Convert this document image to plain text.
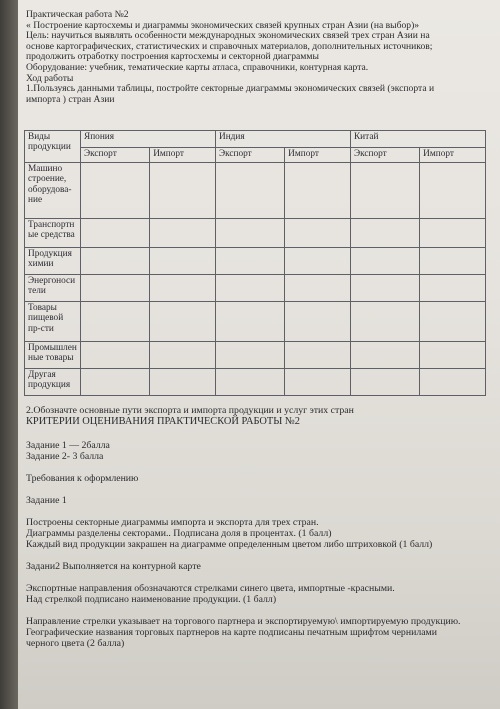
Практическая работа №2
« Построение картосхемы и диаграммы экономических связей крупных стран Азии (на выбор)»
Цель: научиться выявлять особенности международных экономических связей трех стран Азии на
основе картографических, статистических и справочных материалов, дополнительных источников;
продолжить отработку построения картосхемы и секторной диаграммы
Оборудование: учебник, тематические карты атласа, справочники, контурная карта.
Ход работы
1.Пользуясь данными таблицы, постройте секторные диаграммы экономических связей (экспорта и
импорта ) стран Азии
Виды
продукции	Япония		Индия		Китай	
	Экспорт	Импорт	Экспорт	Импорт	Экспорт	Импорт

Машино
строение,
оборудова-
ние						

Транспортн
ые средства						

Продукция
химии						

Энергоноси
тели						

Товары
пищевой
пр-сти						

Промышлен
ные товары						

Другая
продукция						

2.Обозначте основные пути экспорта и импорта продукции и услуг этих стран
КРИТЕРИИ ОЦЕНИВАНИЯ ПРАКТИЧЕСКОЙ РАБОТЫ №2
Задание 1 — 2балла
Задание 2- 3 балла
Требования к оформлению
Задание 1
Построены секторные диаграммы импорта и экспорта для трех стран.
Диаграммы разделены секторами.. Подписана доля в процентах. (1 балл)
Каждый вид продукции закрашен на диаграмме определенным цветом либо штриховкой (1 балл)
Задани2 Выполняется на контурной карте
Экспортные направления обозначаются стрелками синего цвета, импортные -красными.
Над стрелкой подписано наименование продукции. (1 балл)
Направление стрелки указывает на торгового партнера и экспортируемую\ импортируемую продукцию.
Географические названия торговых партнеров на карте подписаны печатным шрифтом чернилами
черного цвета (2 балла)
